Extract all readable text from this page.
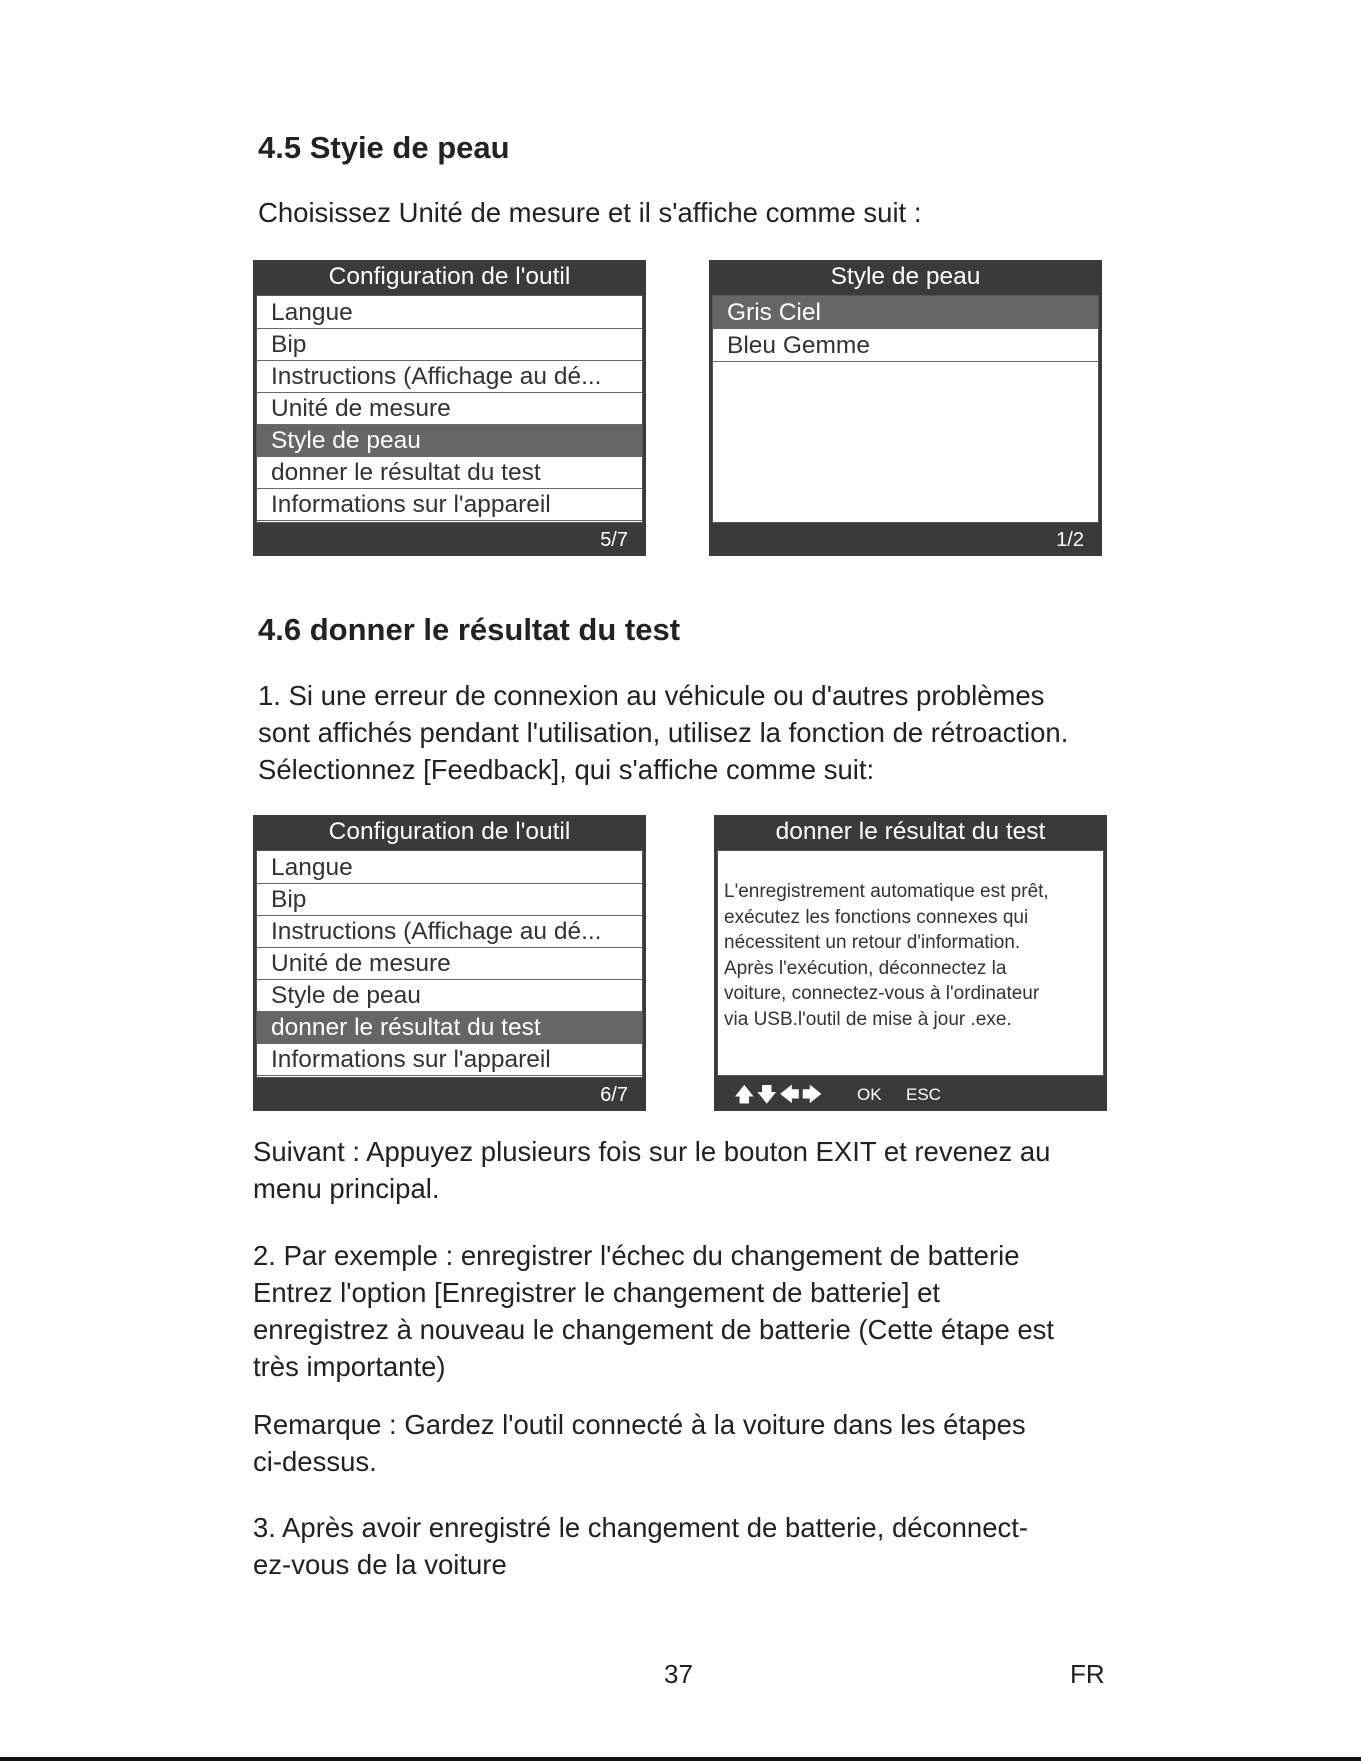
4.5 Styie de peau

Choisissez Unité de mesure et il s'affiche comme suit :

Configuration de l'outil
Langue
Bip
Instructions (Affichage au dé...
Unité de mesure
Style de peau
donner le résultat du test
Informations sur l'appareil
5/7
Style de peau
Gris Ciel
Bleu Gemme
1/2
4.6 donner le résultat du test

1. Si une erreur de connexion au véhicule ou d'autres problèmes

sont affichés pendant l'utilisation, utilisez la fonction de rétroaction.

Sélectionnez [Feedback], qui s'affiche comme suit:

Configuration de l'outil
Langue
Bip
Instructions (Affichage au dé...
Unité de mesure
Style de peau
donner le résultat du test
Informations sur l'appareil
6/7
donner le résultat du test
L'enregistrement automatique est prêt,
exécutez les fonctions connexes qui
nécessitent un retour d'information.
Après l'exécution, déconnectez la
voiture, connectez-vous à l'ordinateur
via USB.l'outil de mise à jour .exe.
🡅🡇🡄🡆 OK ESC

Suivant : Appuyez plusieurs fois sur le bouton EXIT et revenez au

menu principal.

2. Par exemple : enregistrer l'échec du changement de batterie

Entrez l'option [Enregistrer le changement de batterie] et

enregistrez à nouveau le changement de batterie (Cette étape est

très importante)

Remarque : Gardez l'outil connecté à la voiture dans les étapes

ci-dessus.

3. Après avoir enregistré le changement de batterie, déconnect-

ez-vous de la voiture

37	FR
